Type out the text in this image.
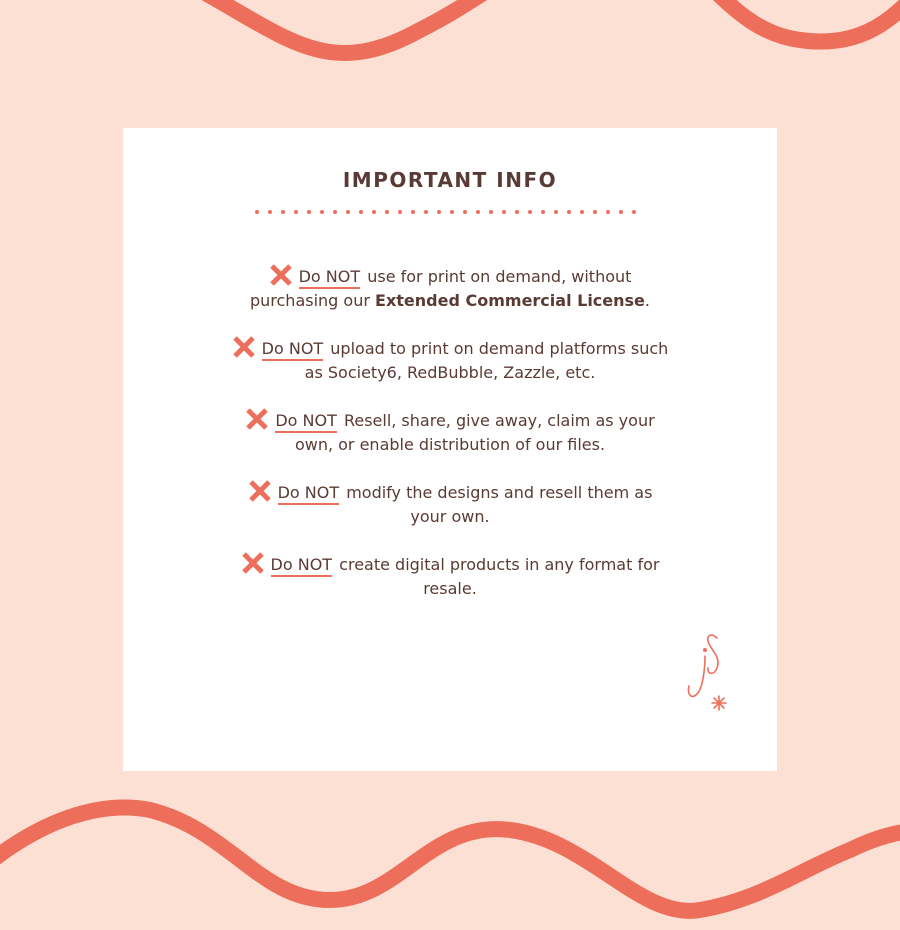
IMPORTANT INFO
Do NOT use for print on demand, without purchasing our Extended Commercial License.
Do NOT upload to print on demand platforms such as Society6, RedBubble, Zazzle, etc.
Do NOT Resell, share, give away, claim as your own, or enable distribution of our files.
Do NOT modify the designs and resell them as your own.
Do NOT create digital products in any format for resale.
